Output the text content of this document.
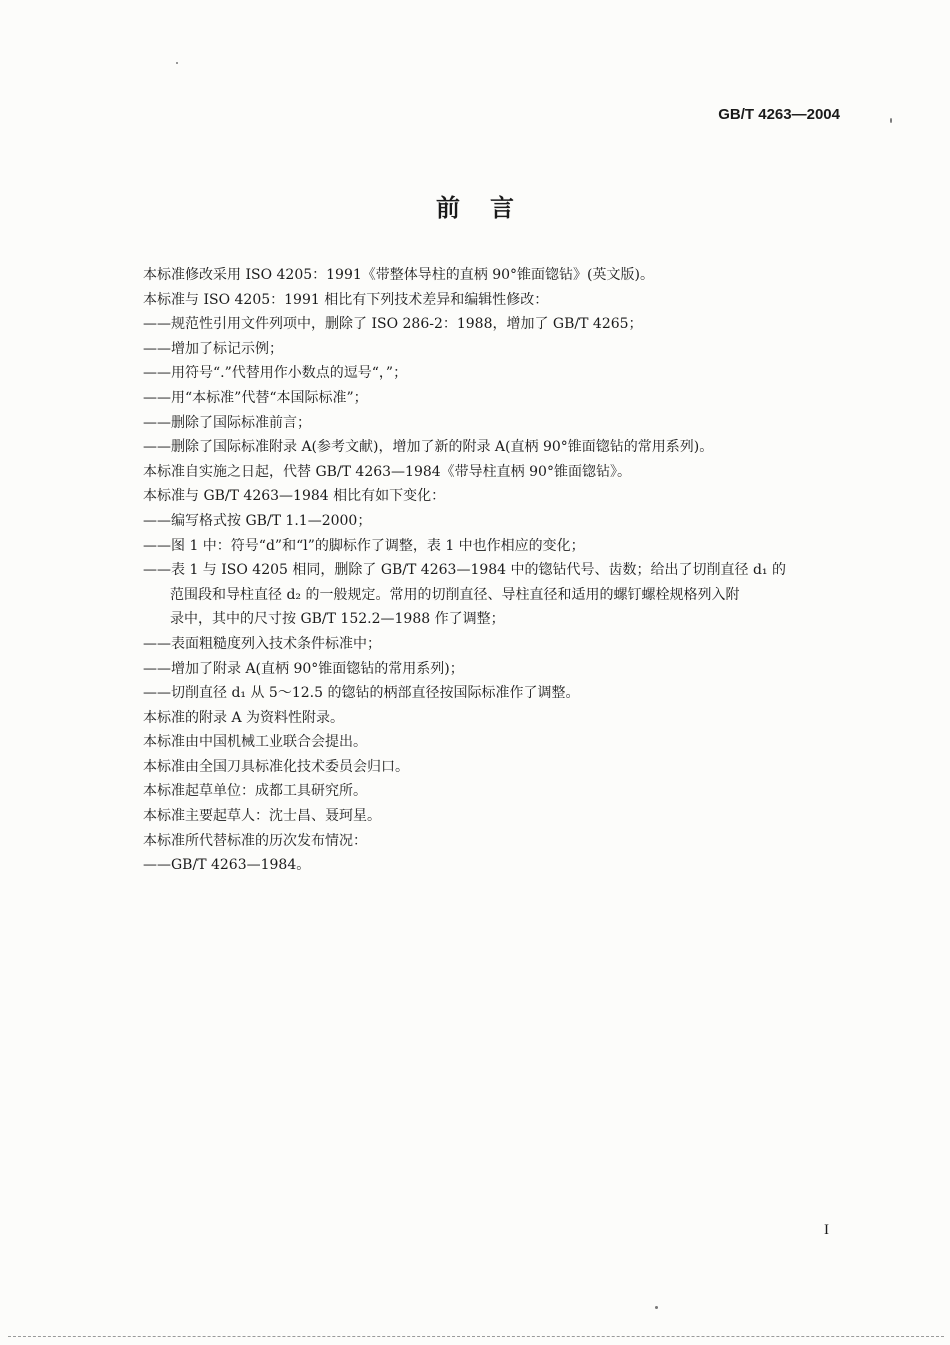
GB/T 4263—2004
前言
本标准修改采用 ISO 4205：1991《带整体导柱的直柄 90°锥面锪钻》(英文版)。
本标准与 ISO 4205：1991 相比有下列技术差异和编辑性修改：
——规范性引用文件列项中，删除了 ISO 286-2：1988，增加了 GB/T 4265；
——增加了标记示例；
——用符号“.”代替用作小数点的逗号“，”；
——用“本标准”代替“本国际标准”；
——删除了国际标准前言；
——删除了国际标准附录 A(参考文献)，增加了新的附录 A(直柄 90°锥面锪钻的常用系列)。
本标准自实施之日起，代替 GB/T 4263—1984《带导柱直柄 90°锥面锪钻》。
本标准与 GB/T 4263—1984 相比有如下变化：
——编写格式按 GB/T 1.1—2000；
——图 1 中：符号“d”和“l”的脚标作了调整，表 1 中也作相应的变化；
——表 1 与 ISO 4205 相同，删除了 GB/T 4263—1984 中的锪钻代号、齿数；给出了切削直径 d₁ 的
范围段和导柱直径 d₂ 的一般规定。常用的切削直径、导柱直径和适用的螺钉螺栓规格列入附
录中，其中的尺寸按 GB/T 152.2—1988 作了调整；
——表面粗糙度列入技术条件标准中；
——增加了附录 A(直柄 90°锥面锪钻的常用系列)；
——切削直径 d₁ 从 5～12.5 的锪钻的柄部直径按国际标准作了调整。
本标准的附录 A 为资料性附录。
本标准由中国机械工业联合会提出。
本标准由全国刀具标准化技术委员会归口。
本标准起草单位：成都工具研究所。
本标准主要起草人：沈士昌、聂珂星。
本标准所代替标准的历次发布情况：
——GB/T 4263—1984。
I
